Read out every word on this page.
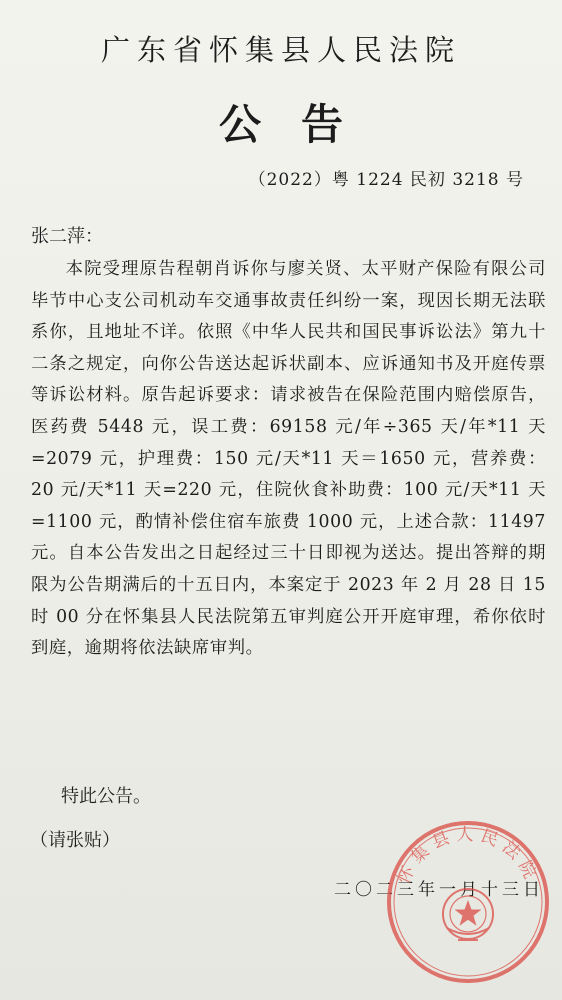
广东省怀集县人民法院
公告
（2022）粤 1224 民初 3218 号
张二萍：
本院受理原告程朝肖诉你与廖关贤、太平财产保险有限公司毕节中心支公司机动车交通事故责任纠纷一案，现因长期无法联系你，且地址不详。依照《中华人民共和国民事诉讼法》第九十二条之规定，向你公告送达起诉状副本、应诉通知书及开庭传票等诉讼材料。原告起诉要求：请求被告在保险范围内赔偿原告，医药费 5448 元，误工费：69158 元/年÷365 天/年*11 天=2079 元，护理费：150 元/天*11 天＝1650 元，营养费：20 元/天*11 天=220 元，住院伙食补助费：100 元/天*11 天=1100 元，酌情补偿住宿车旅费 1000 元，上述合款：11497 元。自本公告发出之日起经过三十日即视为送达。提出答辩的期限为公告期满后的十五日内，本案定于 2023 年 2 月 28 日 15 时 00 分在怀集县人民法院第五审判庭公开开庭审理，希你依时到庭，逾期将依法缺席审判。
特此公告。
（请张贴）
二〇二三年一月十三日
怀集县人民法院
